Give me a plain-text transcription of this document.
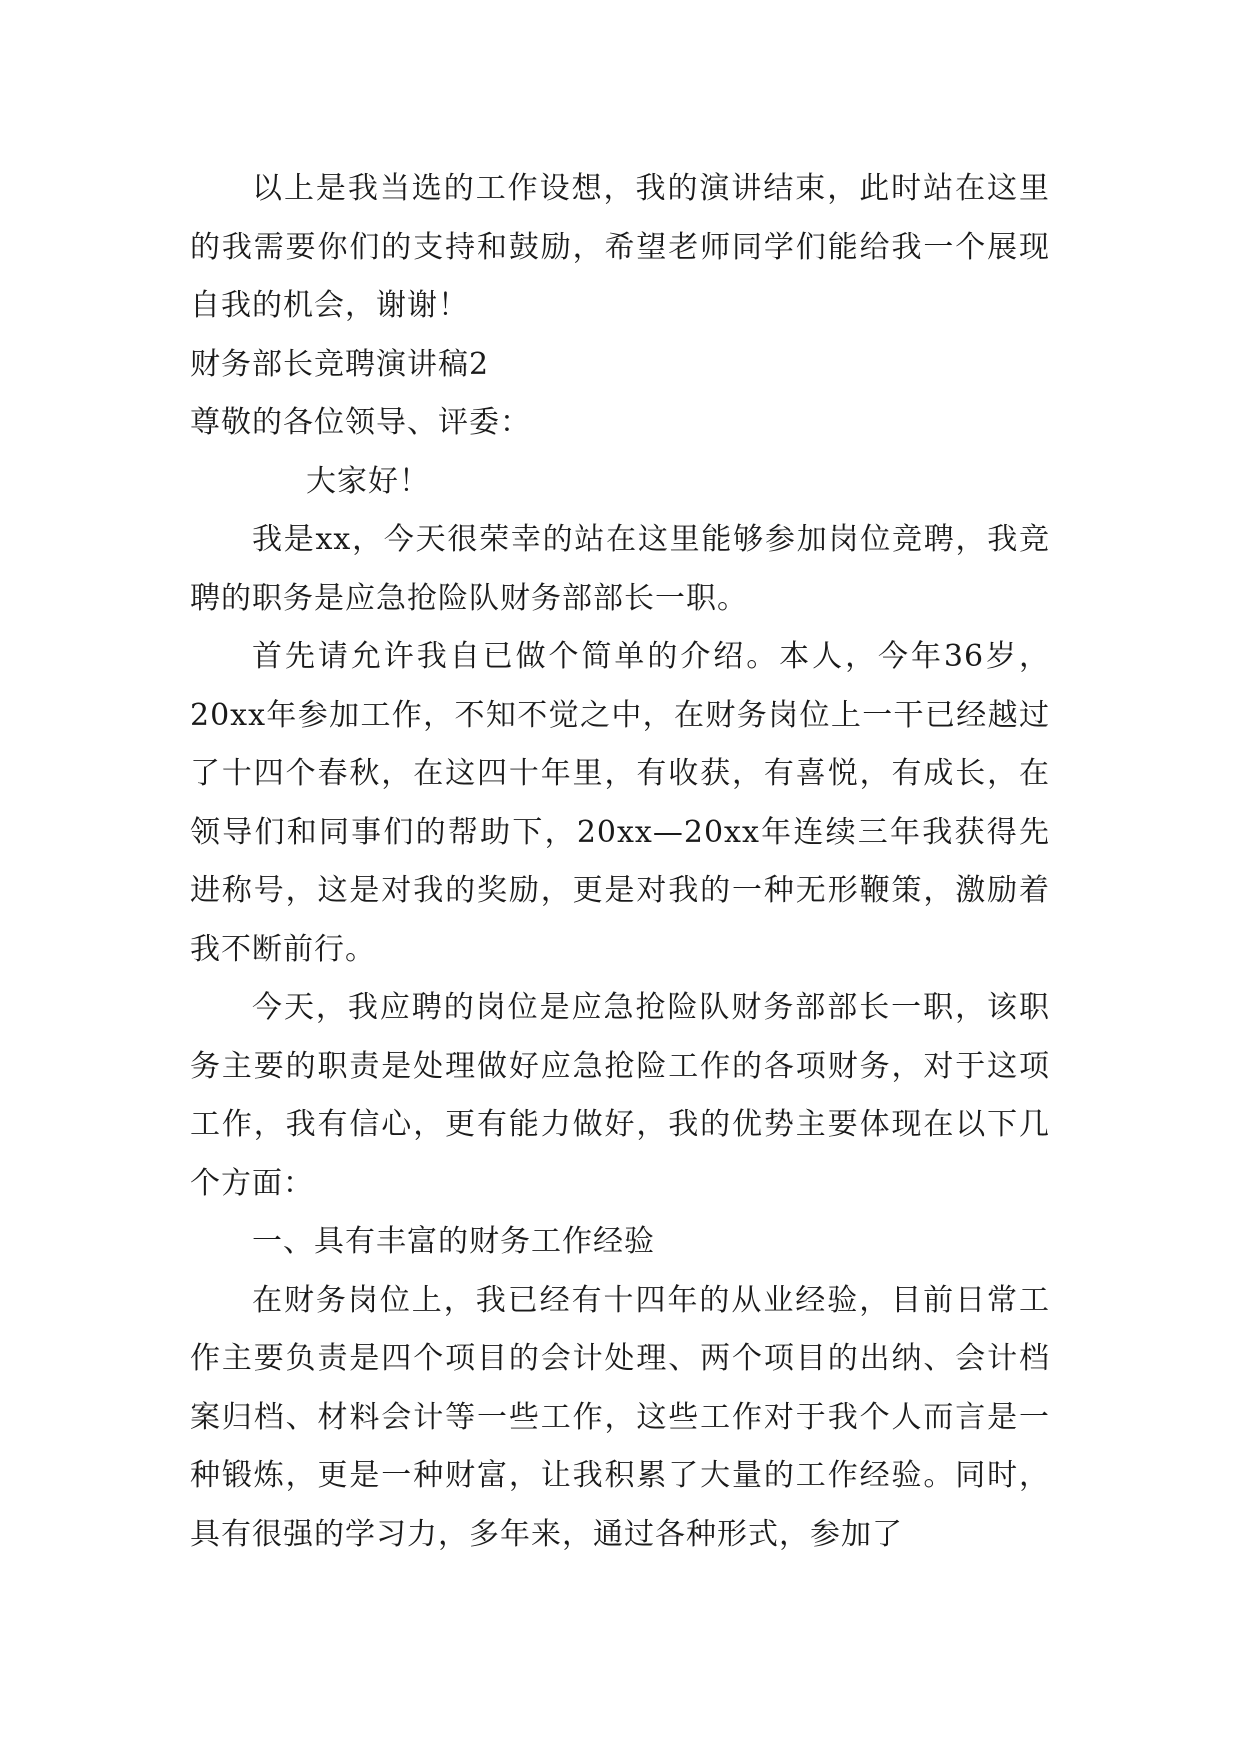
以上是我当选的工作设想，我的演讲结束，此时站在这里的我需要你们的支持和鼓励，希望老师同学们能给我一个展现自我的机会，谢谢！

财务部长竞聘演讲稿2

尊敬的各位领导、评委：

大家好！

我是xx，今天很荣幸的站在这里能够参加岗位竞聘，我竞聘的职务是应急抢险队财务部部长一职。

首先请允许我自已做个简单的介绍。本人，今年36岁，20xx年参加工作，不知不觉之中，在财务岗位上一干已经越过了十四个春秋，在这四十年里，有收获，有喜悦，有成长，在领导们和同事们的帮助下，20xx—20xx年连续三年我获得先进称号，这是对我的奖励，更是对我的一种无形鞭策，激励着我不断前行。

今天，我应聘的岗位是应急抢险队财务部部长一职，该职务主要的职责是处理做好应急抢险工作的各项财务，对于这项工作，我有信心，更有能力做好，我的优势主要体现在以下几个方面：

一、具有丰富的财务工作经验

在财务岗位上，我已经有十四年的从业经验，目前日常工作主要负责是四个项目的会计处理、两个项目的出纳、会计档案归档、材料会计等一些工作，这些工作对于我个人而言是一种锻炼，更是一种财富，让我积累了大量的工作经验。同时，具有很强的学习力，多年来，通过各种形式，参加了
